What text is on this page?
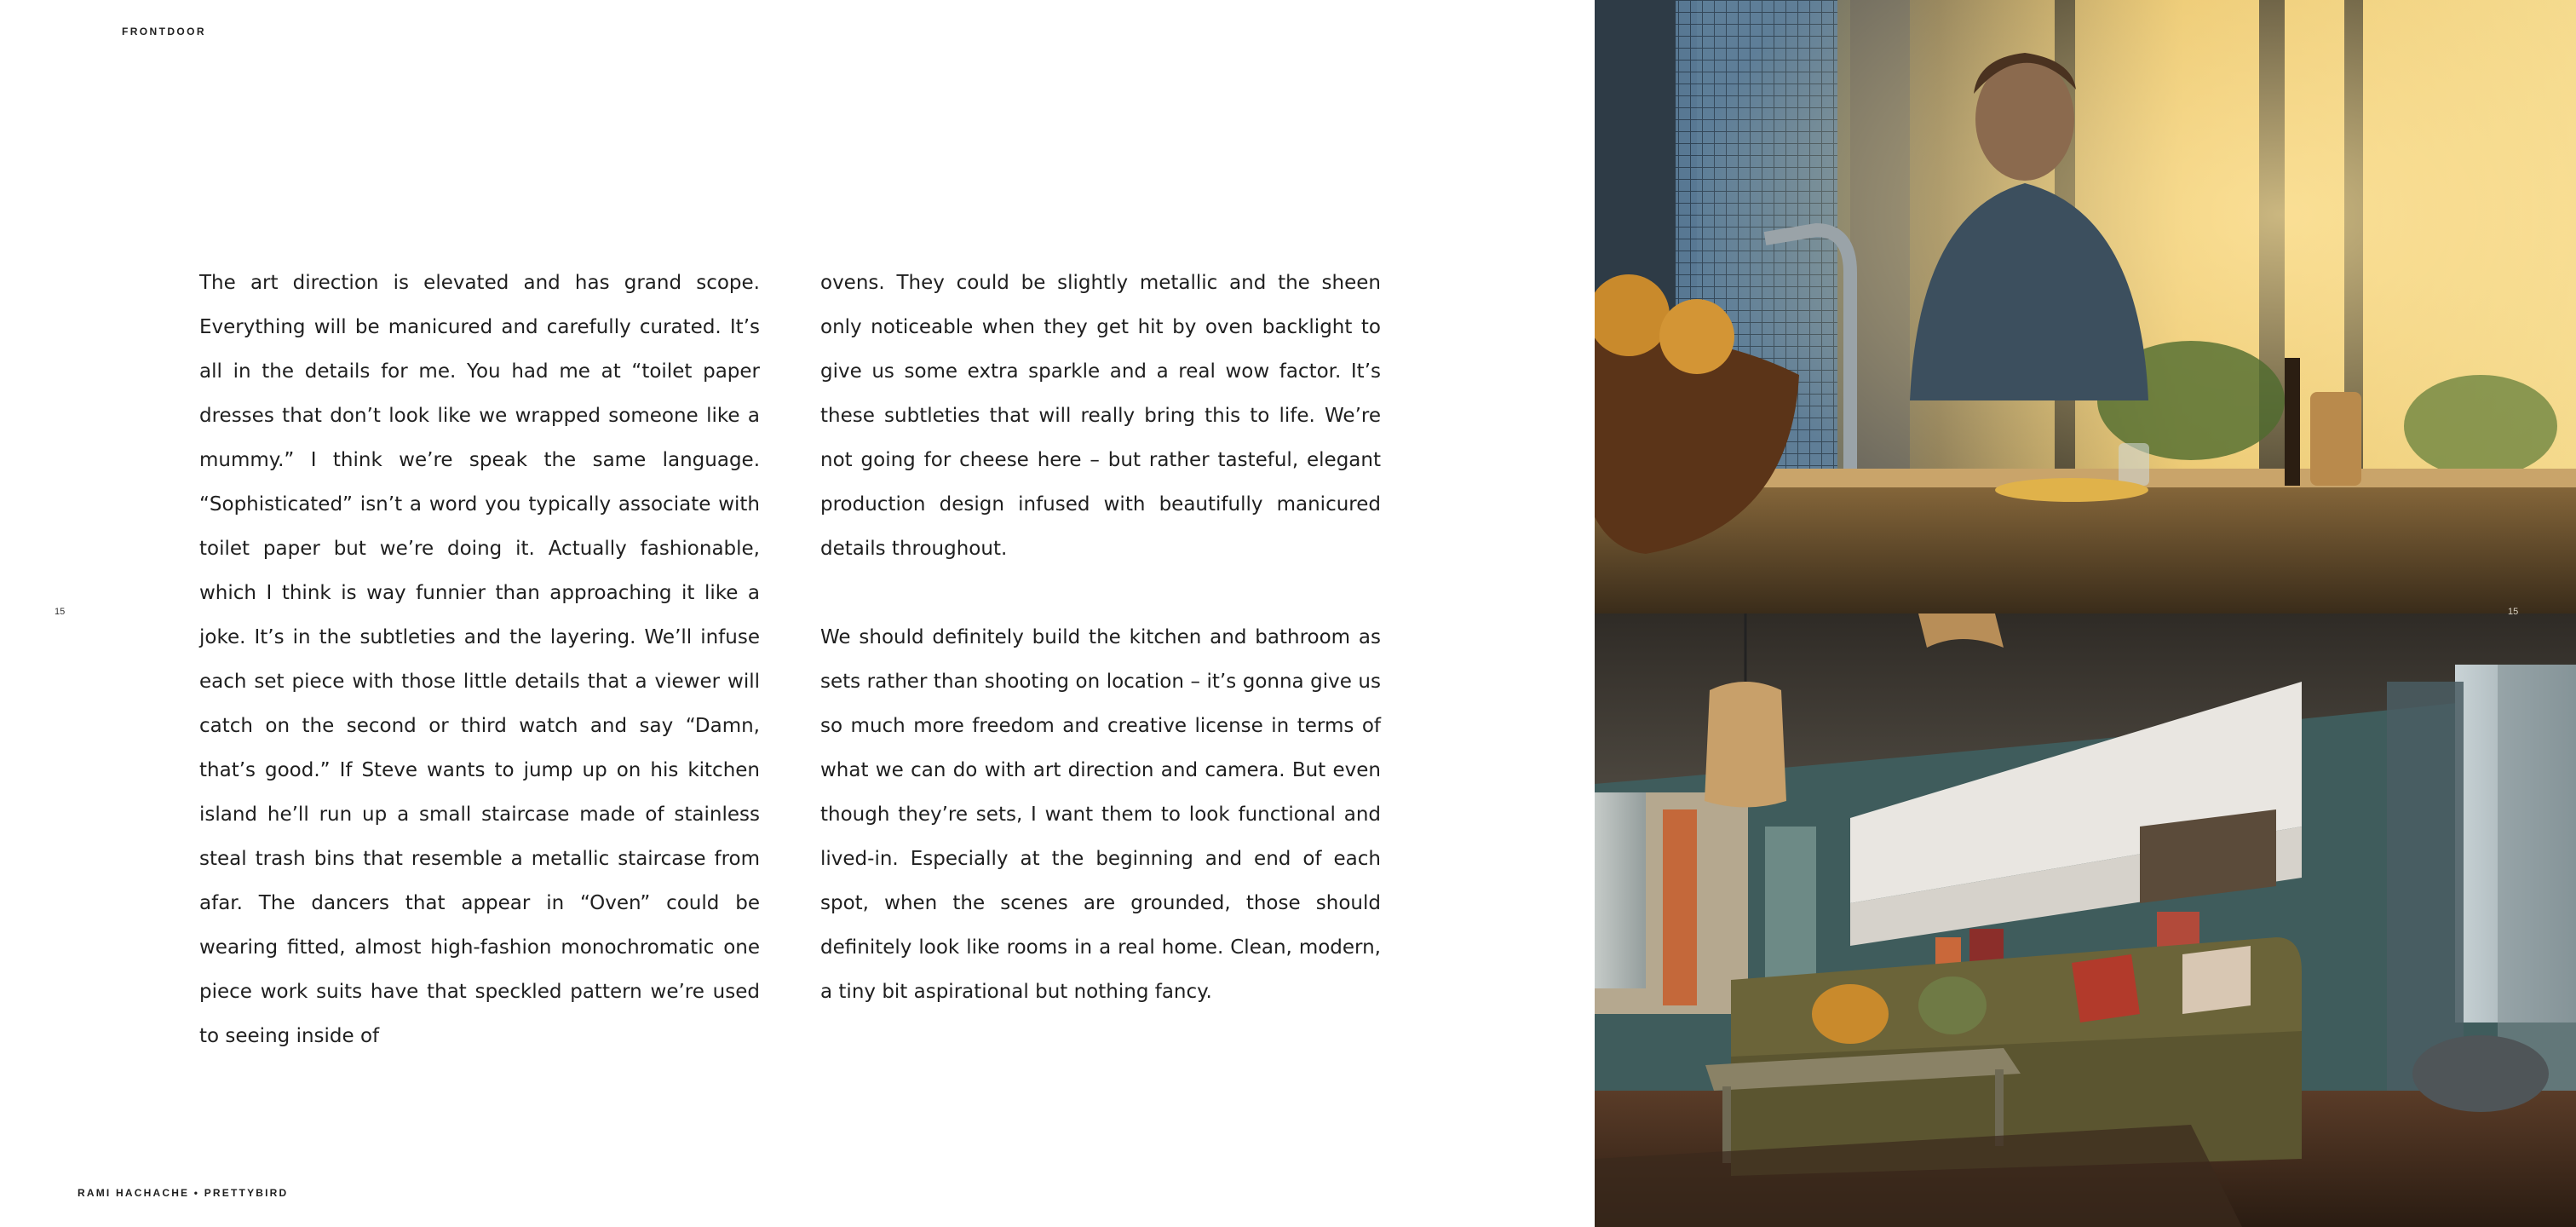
FRONTDOOR

The art direction is elevated and has grand scope. Everything will be manicured and carefully curated. It’s all in the details for me. You had me at “toilet paper dresses that don’t look like we wrapped someone like a mummy.” I think we’re speak the same language. “Sophisticated” isn’t a word you typically associate with toilet paper but we’re doing it. Actually fashionable, which I think is way funnier than approaching it like a joke. It’s in the subtleties and the layering. We’ll infuse each set piece with those little details that a viewer will catch on the second or third watch and say “Damn, that’s good.” If Steve wants to jump up on his kitchen island he’ll run up a small staircase made of stainless steal trash bins that resemble a metallic staircase from afar. The dancers that appear in “Oven” could be wearing fitted, almost high-fashion monochromatic one piece work suits have that speckled pattern we’re used to seeing inside of

ovens. They could be slightly metallic and the sheen only noticeable when they get hit by oven backlight to give us some extra sparkle and a real wow factor. It’s these subtleties that will really bring this to life. We’re not going for cheese here – but rather tasteful, elegant production design infused with beautifully manicured details throughout.

We should definitely build the kitchen and bathroom as sets rather than shooting on location – it’s gonna give us so much more freedom and creative license in terms of what we can do with art direction and camera. But even though they’re sets, I want them to look functional and lived-in. Especially at the beginning and end of each spot, when the scenes are grounded, those should definitely look like rooms in a real home. Clean, modern, a tiny bit aspirational but nothing fancy.

RAMI HACHACHE • PRETTYBIRD
15	15
